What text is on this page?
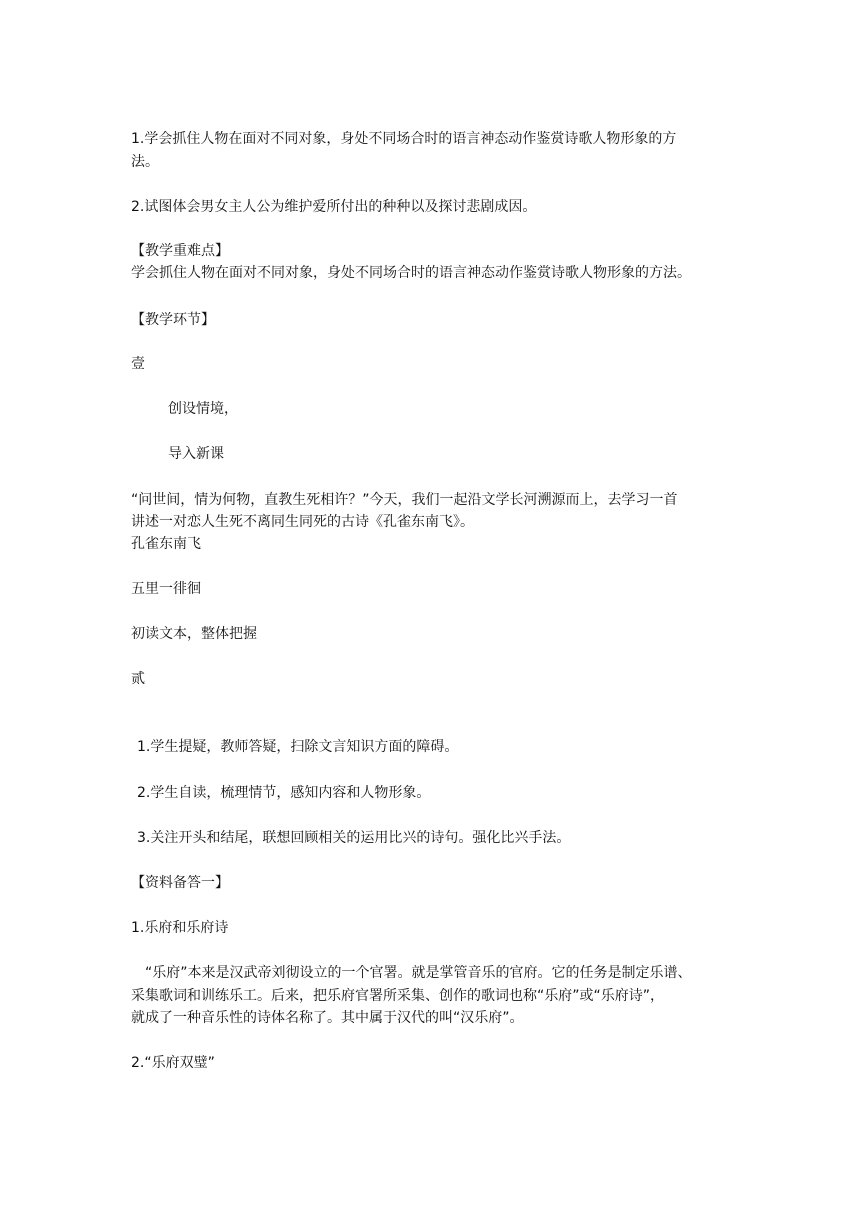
1.学会抓住人物在面对不同对象，身处不同场合时的语言神态动作鉴赏诗歌人物形象的方
法。
2.试图体会男女主人公为维护爱所付出的种种以及探讨悲剧成因。
【教学重难点】
学会抓住人物在面对不同对象，身处不同场合时的语言神态动作鉴赏诗歌人物形象的方法。
【教学环节】
壹
创设情境，
导入新课
“问世间，情为何物，直教生死相许？”今天，我们一起沿文学长河溯源而上，去学习一首
讲述一对恋人生死不离同生同死的古诗《孔雀东南飞》。
孔雀东南飞
五里一徘徊
初读文本，整体把握
贰
1.学生提疑，教师答疑，扫除文言知识方面的障碍。
2.学生自读，梳理情节，感知内容和人物形象。
3.关注开头和结尾，联想回顾相关的运用比兴的诗句。强化比兴手法。
【资料备答一】
1.乐府和乐府诗
“乐府”本来是汉武帝刘彻设立的一个官署。就是掌管音乐的官府。它的任务是制定乐谱、
采集歌词和训练乐工。后来，把乐府官署所采集、创作的歌词也称“乐府”或“乐府诗”，
就成了一种音乐性的诗体名称了。其中属于汉代的叫“汉乐府”。
2.“乐府双璧”
